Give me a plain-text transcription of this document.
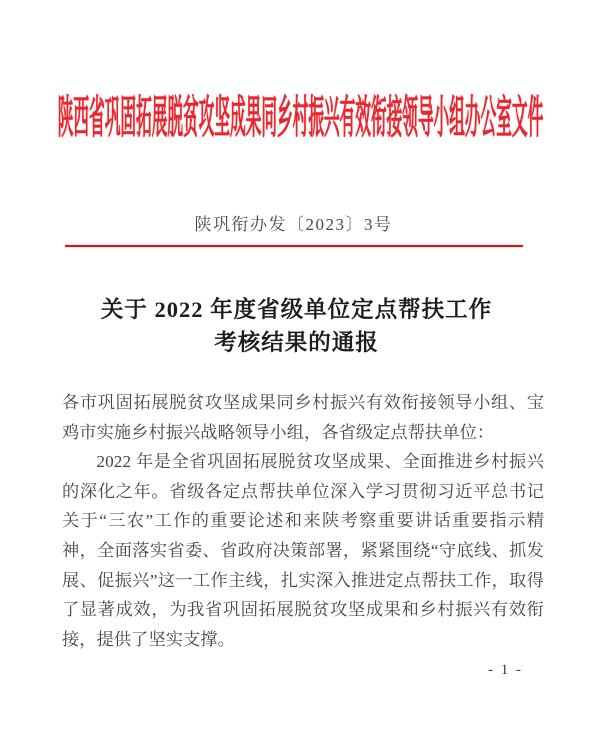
陕西省巩固拓展脱贫攻坚成果同乡村振兴有效衔接领导小组办公室文件
陕巩衔办发〔2023〕3号
关于 2022 年度省级单位定点帮扶工作
考核结果的通报

各市巩固拓展脱贫攻坚成果同乡村振兴有效衔接领导小组、宝鸡市实施乡村振兴战略领导小组，各省级定点帮扶单位：

2022 年是全省巩固拓展脱贫攻坚成果、全面推进乡村振兴的深化之年。省级各定点帮扶单位深入学习贯彻习近平总书记关于“三农”工作的重要论述和来陕考察重要讲话重要指示精神，全面落实省委、省政府决策部署，紧紧围绕“守底线、抓发展、促振兴”这一工作主线，扎实深入推进定点帮扶工作，取得了显著成效，为我省巩固拓展脱贫攻坚成果和乡村振兴有效衔接，提供了坚实支撑。

- 1 -
